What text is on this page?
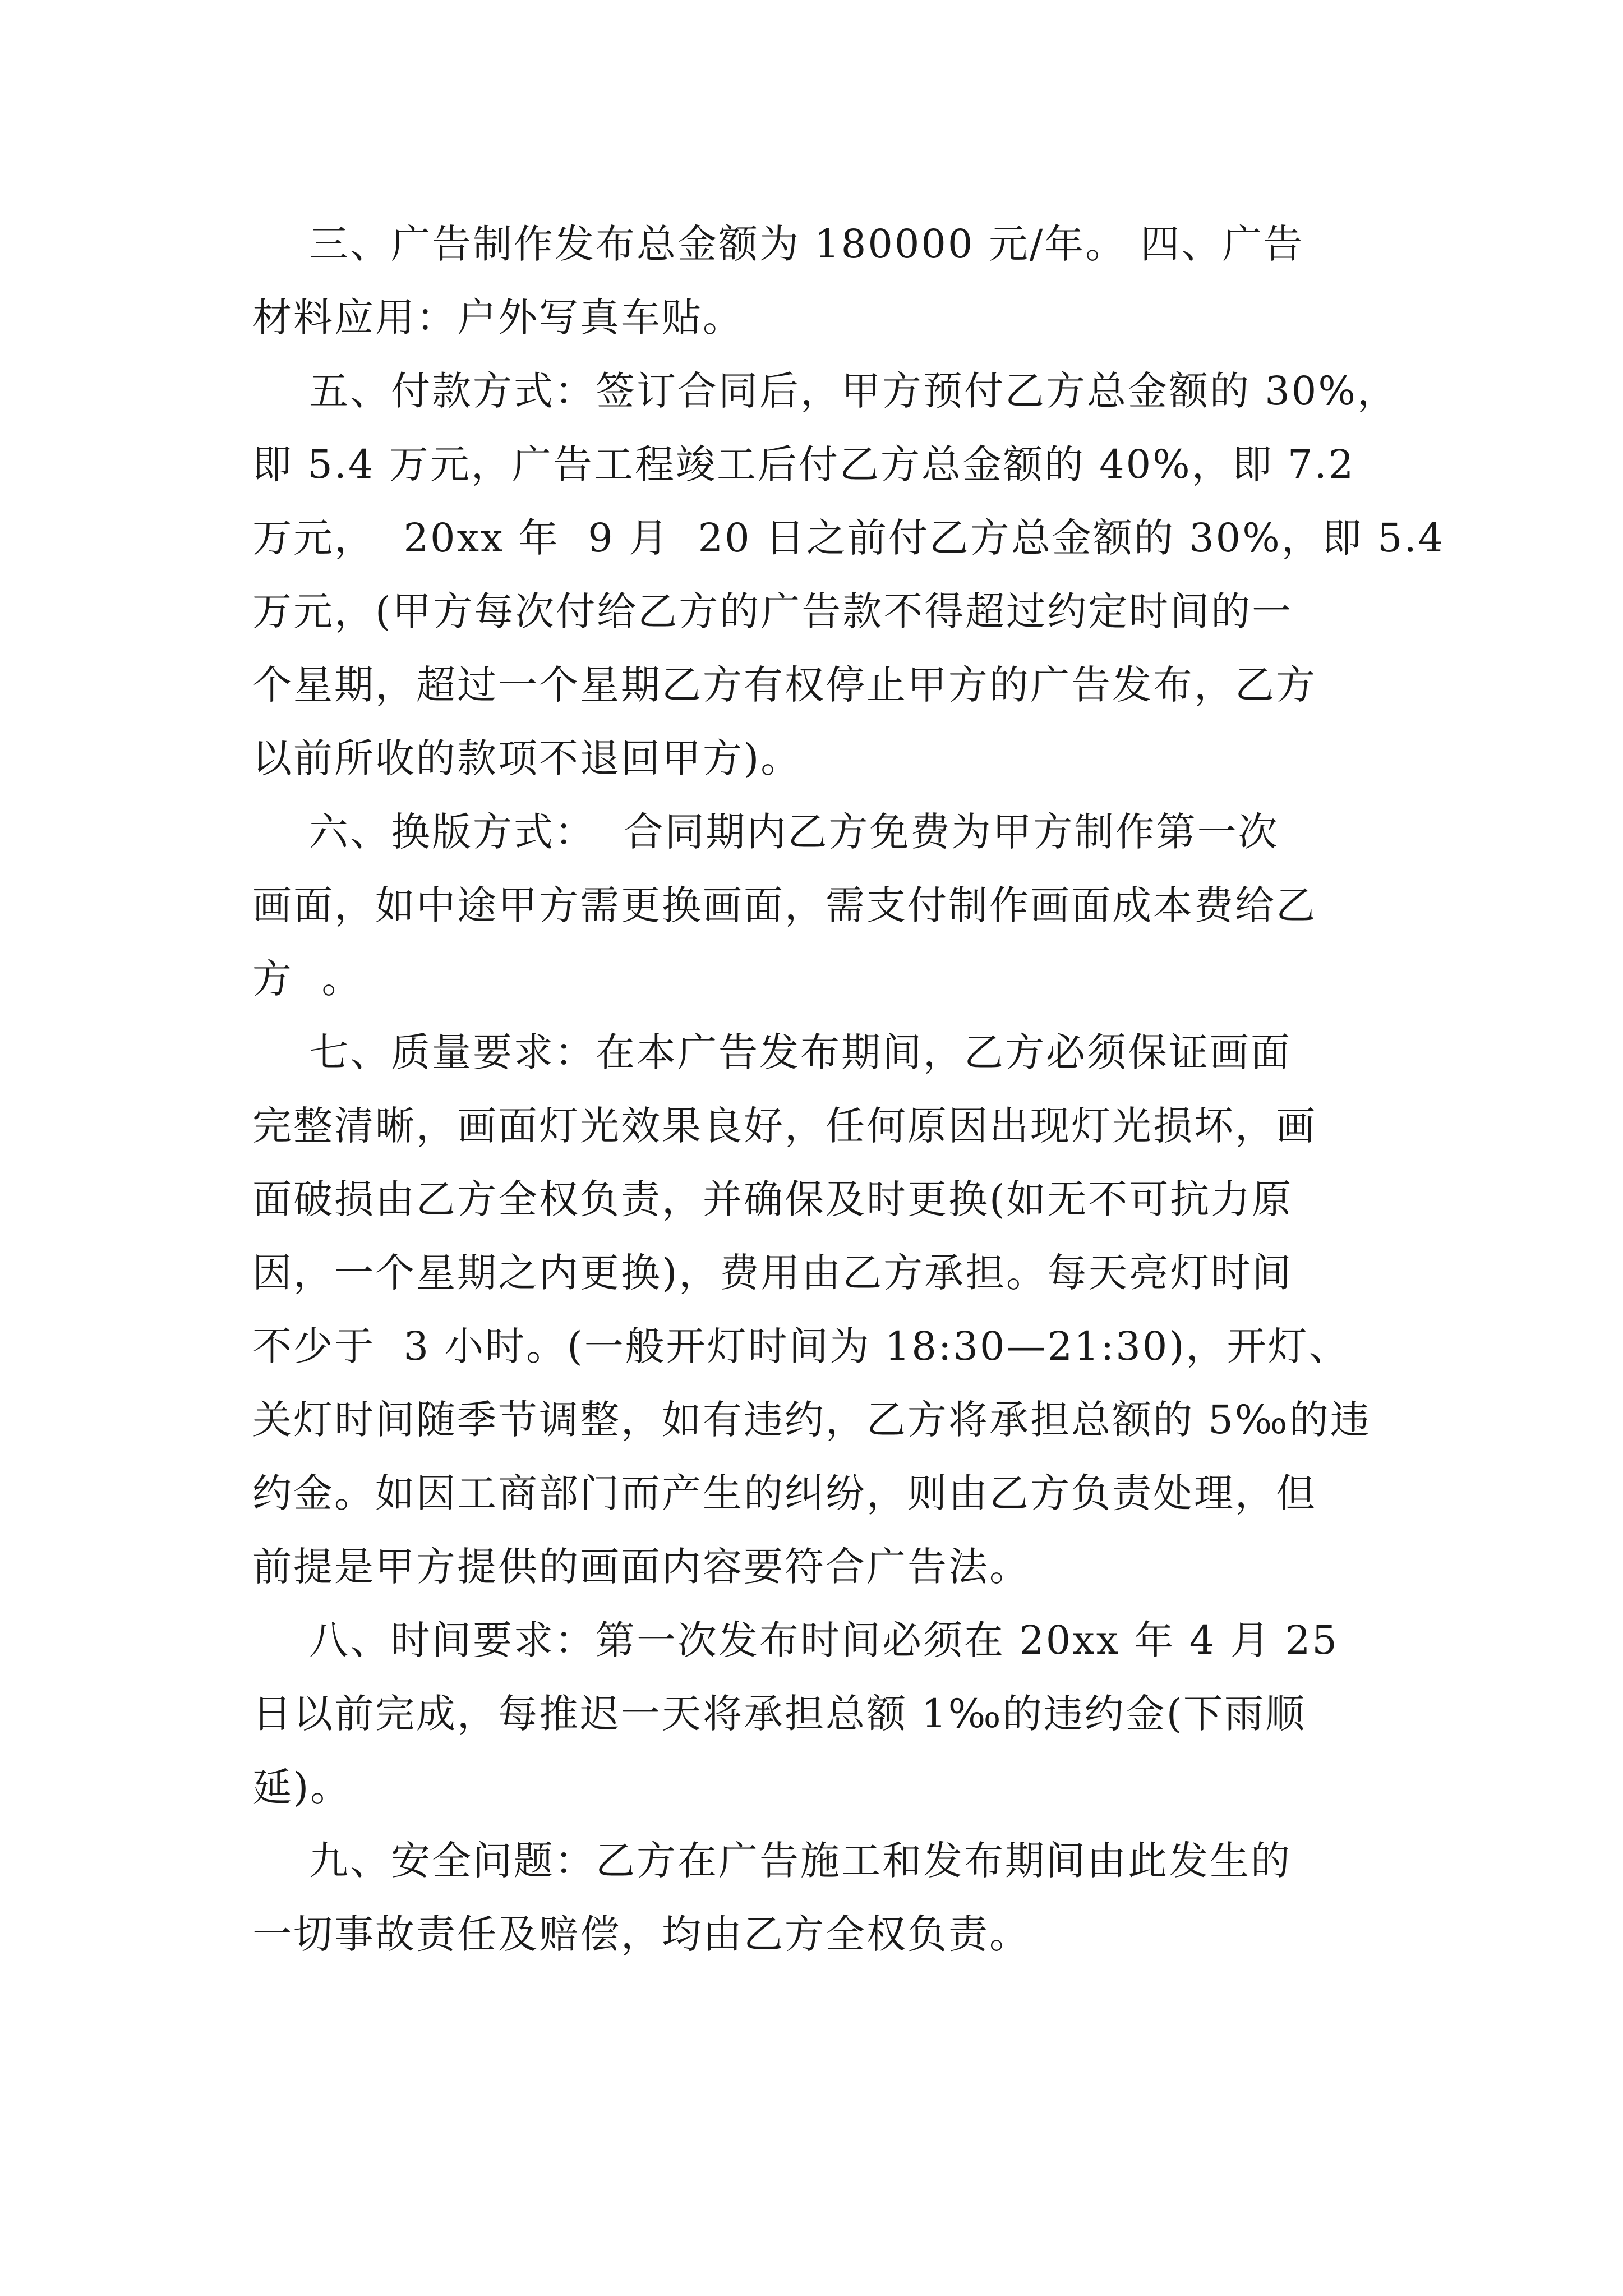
三、广告制作发布总金额为 180000 元/年。 四、广告
材料应用：户外写真车贴。
五、付款方式：签订合同后，甲方预付乙方总金额的 30%，
即 5.4 万元，广告工程竣工后付乙方总金额的 40%，即 7.2
万元，  20xx 年  9 月  20 日之前付乙方总金额的 30%，即 5.4
万元，(甲方每次付给乙方的广告款不得超过约定时间的一
个星期，超过一个星期乙方有权停止甲方的广告发布，乙方
以前所收的款项不退回甲方)。
六、换版方式：  合同期内乙方免费为甲方制作第一次
画面，如中途甲方需更换画面，需支付制作画面成本费给乙
方  。
七、质量要求：在本广告发布期间，乙方必须保证画面
完整清晰，画面灯光效果良好，任何原因出现灯光损坏，画
面破损由乙方全权负责，并确保及时更换(如无不可抗力原
因，一个星期之内更换)，费用由乙方承担。每天亮灯时间
不少于  3 小时。(一般开灯时间为 18:30—21:30)，开灯、
关灯时间随季节调整，如有违约，乙方将承担总额的 5‰的违
约金。如因工商部门而产生的纠纷，则由乙方负责处理，但
前提是甲方提供的画面内容要符合广告法。
八、时间要求：第一次发布时间必须在 20xx 年 4 月 25
日以前完成，每推迟一天将承担总额 1‰的违约金(下雨顺
延)。
九、安全问题：乙方在广告施工和发布期间由此发生的
一切事故责任及赔偿，均由乙方全权负责。
